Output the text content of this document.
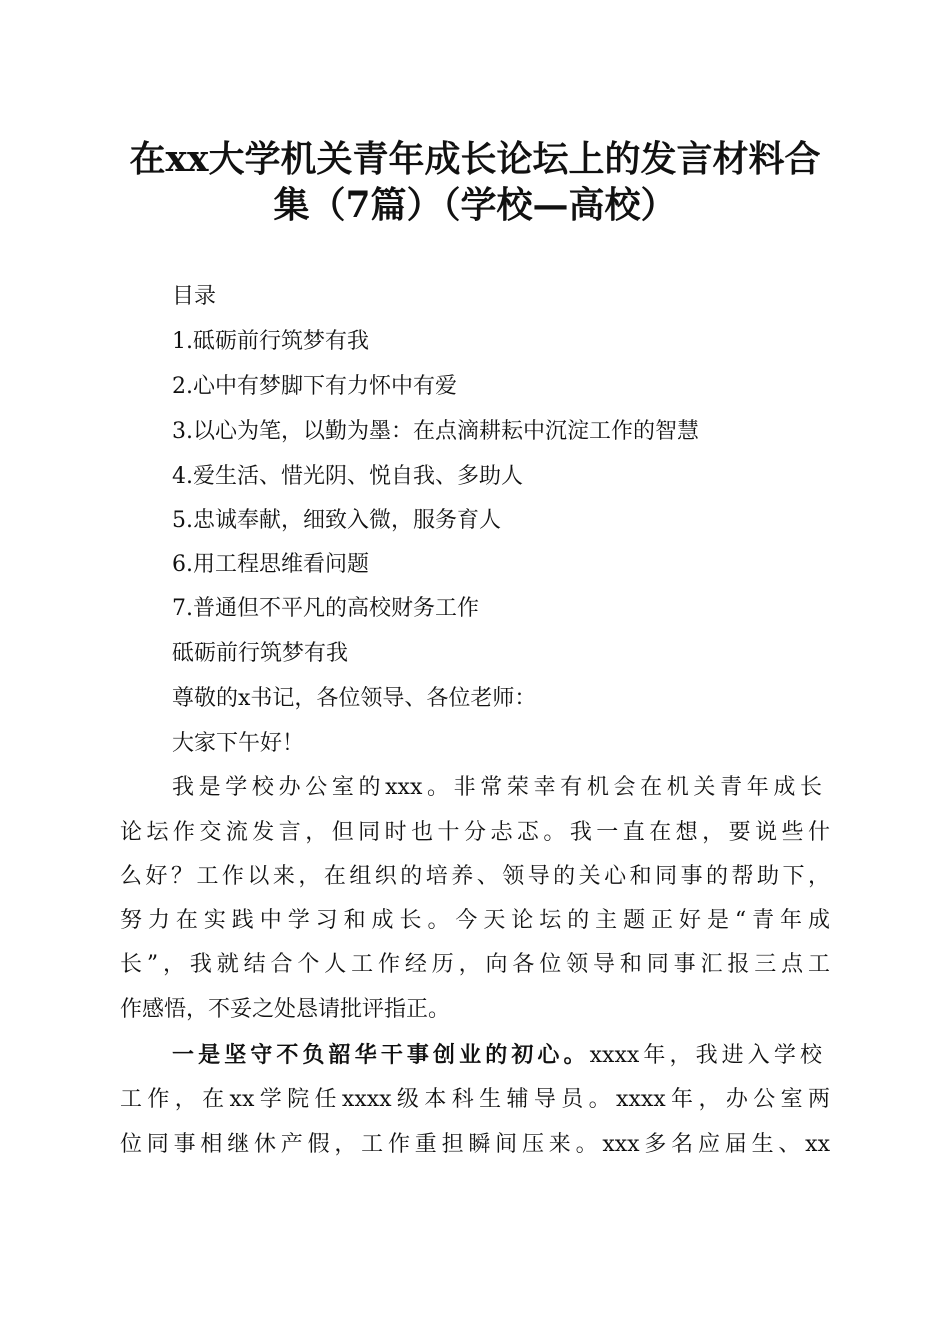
在xx大学机关青年成长论坛上的发言材料合
集（7篇）（学校—高校）
目录
1.砥砺前行筑梦有我
2.心中有梦脚下有力怀中有爱
3.以心为笔，以勤为墨：在点滴耕耘中沉淀工作的智慧
4.爱生活、惜光阴、悦自我、多助人
5.忠诚奉献，细致入微，服务育人
6.用工程思维看问题
7.普通但不平凡的高校财务工作
砥砺前行筑梦有我
尊敬的x书记，各位领导、各位老师：
大家下午好！
我是学校办公室的xxx。非常荣幸有机会在机关青年成长
论坛作交流发言，但同时也十分忐忑。我一直在想，要说些什
么好？工作以来，在组织的培养、领导的关心和同事的帮助下，
努力在实践中学习和成长。今天论坛的主题正好是“青年成
长”，我就结合个人工作经历，向各位领导和同事汇报三点工
作感悟，不妥之处恳请批评指正。
一是坚守不负韶华干事创业的初心。xxxx年，我进入学校
工作，在xx学院任xxxx级本科生辅导员。xxxx年，办公室两
位同事相继休产假，工作重担瞬间压来。xxx多名应届生、xx
